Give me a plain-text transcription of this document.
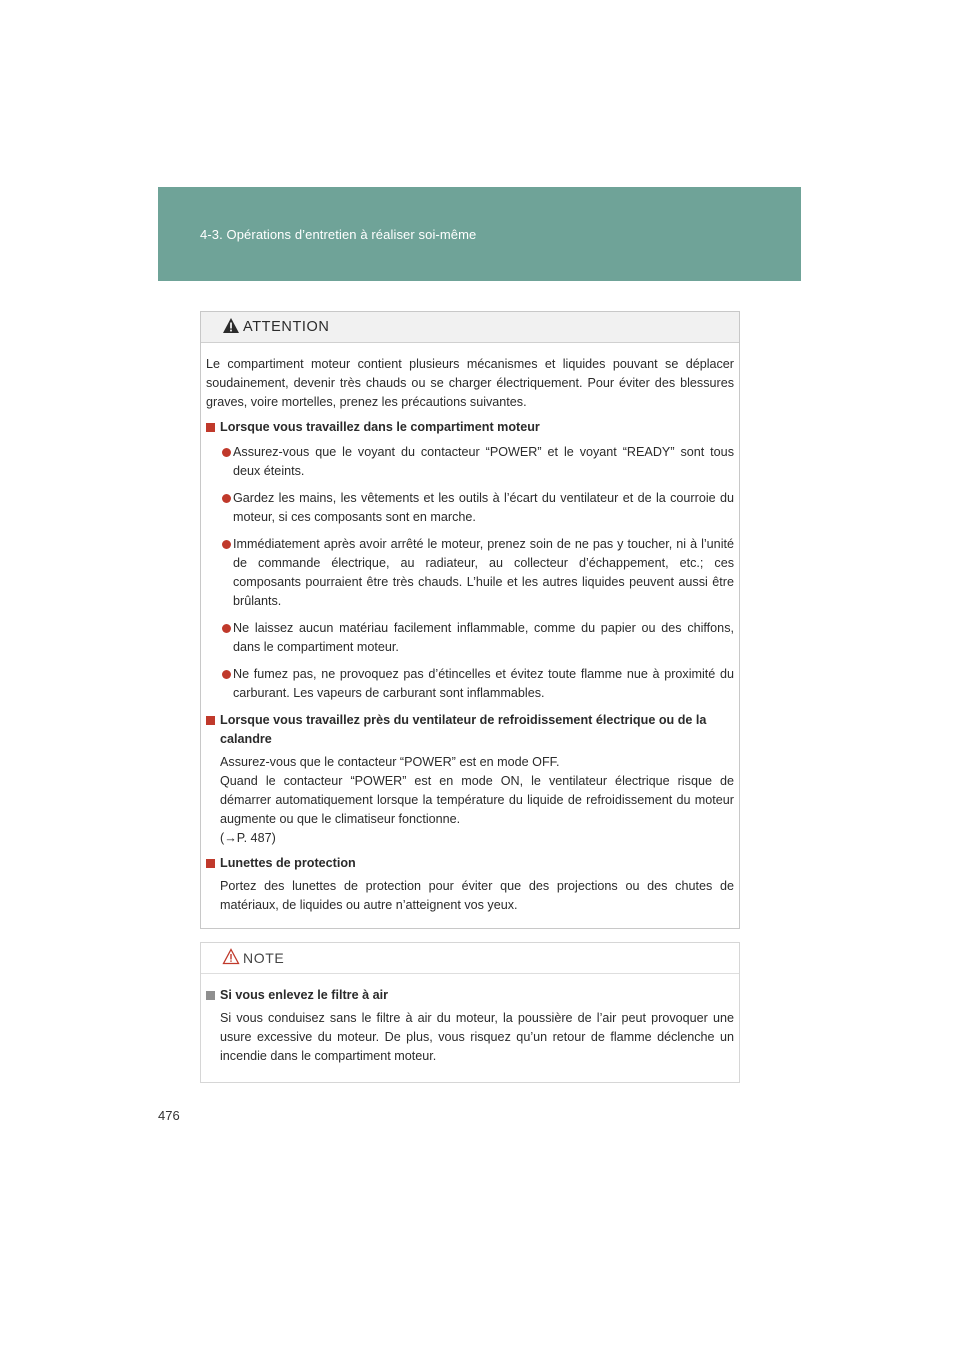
4-3. Opérations d’entretien à réaliser soi-même
ATTENTION

Le compartiment moteur contient plusieurs mécanismes et liquides pouvant se déplacer soudainement, devenir très chauds ou se charger électriquement. Pour éviter des blessures graves, voire mortelles, prenez les précautions suivantes.

Lorsque vous travaillez dans le compartiment moteur

Assurez-vous que le voyant du contacteur “POWER” et le voyant “READY” sont tous deux éteints.
Gardez les mains, les vêtements et les outils à l’écart du ventilateur et de la courroie du moteur, si ces composants sont en marche.
Immédiatement après avoir arrêté le moteur, prenez soin de ne pas y toucher, ni à l’unité de commande électrique, au radiateur, au collecteur d’échappement, etc.; ces composants pourraient être très chauds. L’huile et les autres liquides peuvent aussi être brûlants.
Ne laissez aucun matériau facilement inflammable, comme du papier ou des chiffons, dans le compartiment moteur.
Ne fumez pas, ne provoquez pas d’étincelles et évitez toute flamme nue à proximité du carburant. Les vapeurs de carburant sont inflammables.

Lorsque vous travaillez près du ventilateur de refroidissement électrique ou de la calandre

Assurez-vous que le contacteur “POWER” est en mode OFF.

Quand le contacteur “POWER” est en mode ON, le ventilateur électrique risque de démarrer automatiquement lorsque la température du liquide de refroidissement du moteur augmente ou que le climatiseur fonctionne.

(→P. 487)

Lunettes de protection

Portez des lunettes de protection pour éviter que des projections ou des chutes de matériaux, de liquides ou autre n’atteignent vos yeux.

NOTE

Si vous enlevez le filtre à air

Si vous conduisez sans le filtre à air du moteur, la poussière de l’air peut provoquer une usure excessive du moteur. De plus, vous risquez qu’un retour de flamme déclenche un incendie dans le compartiment moteur.

476
